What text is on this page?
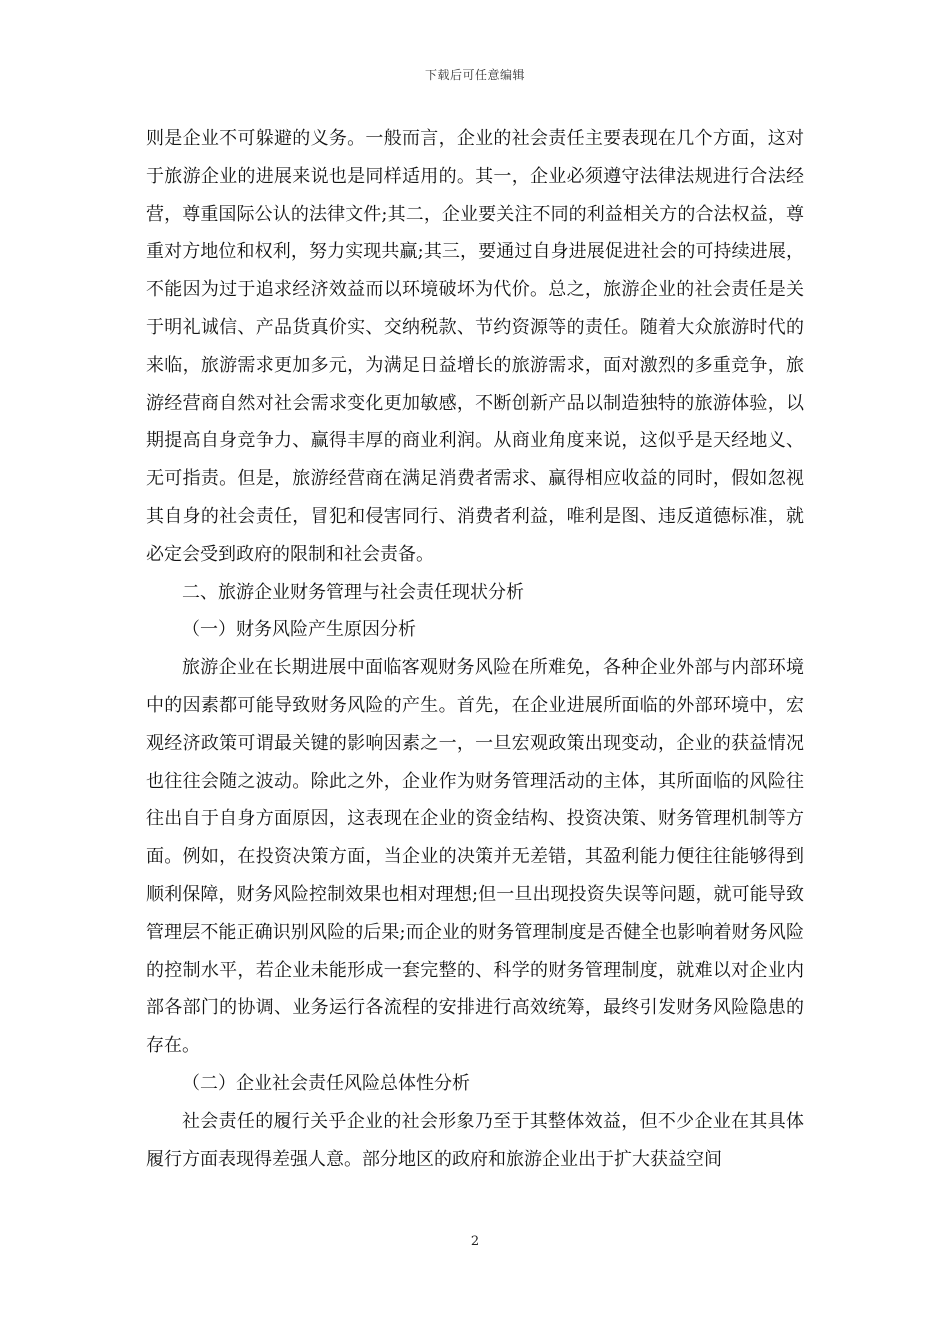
下载后可任意编辑

则是企业不可躲避的义务。一般而言，企业的社会责任主要表现在几个方面，这对于旅游企业的进展来说也是同样适用的。其一，企业必须遵守法律法规进行合法经营，尊重国际公认的法律文件;其二，企业要关注不同的利益相关方的合法权益，尊重对方地位和权利，努力实现共赢;其三，要通过自身进展促进社会的可持续进展，不能因为过于追求经济效益而以环境破坏为代价。总之，旅游企业的社会责任是关于明礼诚信、产品货真价实、交纳税款、节约资源等的责任。随着大众旅游时代的来临，旅游需求更加多元，为满足日益增长的旅游需求，面对激烈的多重竞争，旅游经营商自然对社会需求变化更加敏感，不断创新产品以制造独特的旅游体验，以期提高自身竞争力、赢得丰厚的商业利润。从商业角度来说，这似乎是天经地义、无可指责。但是，旅游经营商在满足消费者需求、赢得相应收益的同时，假如忽视其自身的社会责任，冒犯和侵害同行、消费者利益，唯利是图、违反道德标准，就必定会受到政府的限制和社会责备。

二、旅游企业财务管理与社会责任现状分析

（一）财务风险产生原因分析

旅游企业在长期进展中面临客观财务风险在所难免，各种企业外部与内部环境中的因素都可能导致财务风险的产生。首先，在企业进展所面临的外部环境中，宏观经济政策可谓最关键的影响因素之一，一旦宏观政策出现变动，企业的获益情况也往往会随之波动。除此之外，企业作为财务管理活动的主体，其所面临的风险往往出自于自身方面原因，这表现在企业的资金结构、投资决策、财务管理机制等方面。例如，在投资决策方面，当企业的决策并无差错，其盈利能力便往往能够得到顺利保障，财务风险控制效果也相对理想;但一旦出现投资失误等问题，就可能导致管理层不能正确识别风险的后果;而企业的财务管理制度是否健全也影响着财务风险的控制水平，若企业未能形成一套完整的、科学的财务管理制度，就难以对企业内部各部门的协调、业务运行各流程的安排进行高效统筹，最终引发财务风险隐患的存在。

（二）企业社会责任风险总体性分析

社会责任的履行关乎企业的社会形象乃至于其整体效益，但不少企业在其具体履行方面表现得差强人意。部分地区的政府和旅游企业出于扩大获益空间

2
